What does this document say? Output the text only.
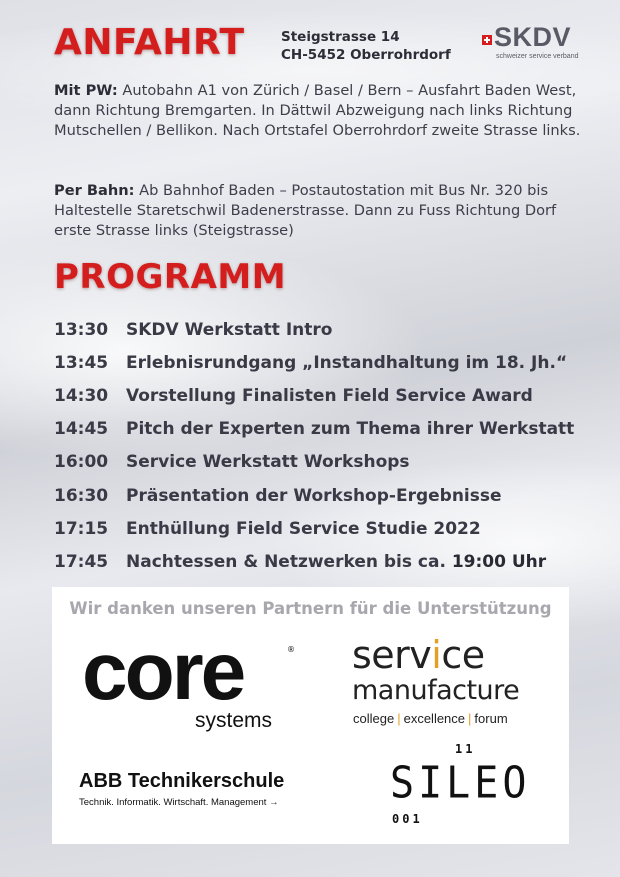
ANFAHRT	Steigstrasse 14
CH-5452 Oberrohrdorf
SKDV
schweizer service verband

Mit PW: Autobahn A1 von Zürich / Basel / Bern – Ausfahrt Baden West, dann Richtung Bremgarten. In Dättwil Abzweigung nach links Richtung Mutschellen / Bellikon. Nach Ortstafel Oberrohrdorf zweite Strasse links.

Per Bahn: Ab Bahnhof Baden – Postautostation mit Bus Nr. 320 bis Haltestelle Staretschwil Badenerstrasse. Dann zu Fuss Richtung Dorf erste Strasse links (Steigstrasse)

PROGRAMM
13:30	SKDV Werkstatt Intro
13:45	Erlebnisrundgang „Instandhaltung im 18. Jh.“
14:30	Vorstellung Finalisten Field Service Award
14:45	Pitch der Experten zum Thema ihrer Werkstatt
16:00	Service Werkstatt Workshops
16:30	Präsentation der Workshop-Ergebnisse
17:15	Enthüllung Field Service Studie 2022
17:45	Nachtessen & Netzwerken bis ca. 19:00 Uhr
Wir danken unseren Partnern für die Unterstützung
core	®
systems
service
manufacture
college | excellence | forum
ABB Technikerschule
Technik. Informatik. Wirtschaft. Management →
11
SILEO
001
